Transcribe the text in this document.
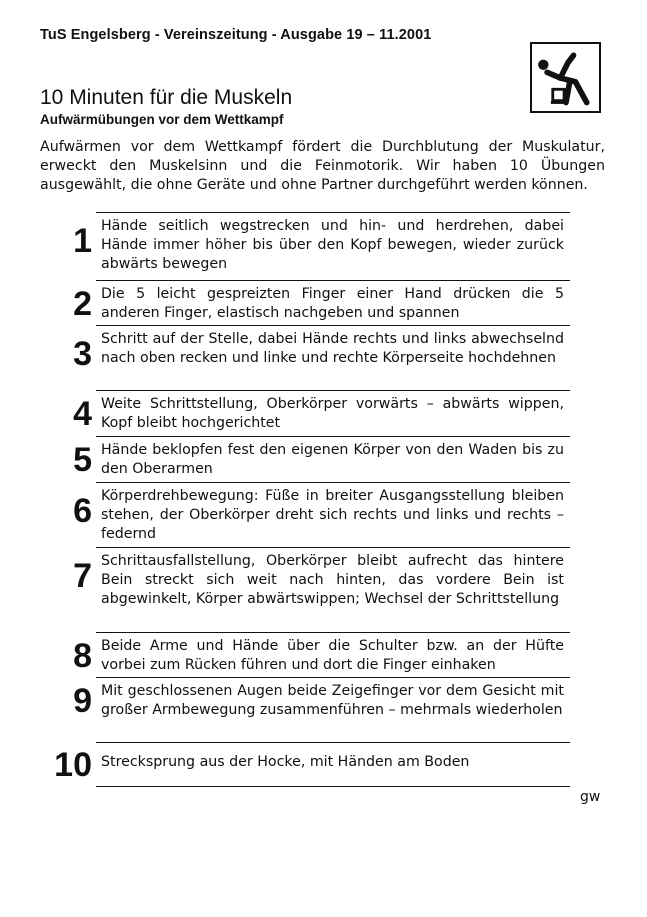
TuS Engelsberg - Vereinszeitung - Ausgabe 19 – 11.2001
10 Minuten für die Muskeln
Aufwärmübungen vor dem Wettkampf

Aufwärmen vor dem Wettkampf fördert die Durchblutung der Muskulatur, erweckt den Muskelsinn und die Feinmotorik. Wir haben 10 Übungen ausgewählt, die ohne Geräte und ohne Partner durchgeführt werden können.

1 Hände seitlich wegstrecken und hin- und herdrehen, dabei Hände immer höher bis über den Kopf bewegen, wieder zurück abwärts bewegen

2 Die 5 leicht gespreizten Finger einer Hand drücken die 5 anderen Finger, elastisch nachgeben und spannen

3 Schritt auf der Stelle, dabei Hände rechts und links abwechselnd nach oben recken und linke und rechte Körperseite hochdehnen

4 Weite Schrittstellung, Oberkörper vorwärts – abwärts wippen, Kopf bleibt hochgerichtet

5 Hände beklopfen fest den eigenen Körper von den Waden bis zu den Oberarmen

6 Körperdrehbewegung: Füße in breiter Ausgangsstellung bleiben stehen, der Oberkörper dreht sich rechts und links und rechts – federnd

7 Schrittausfallstellung, Oberkörper bleibt aufrecht das hintere Bein streckt sich weit nach hinten, das vordere Bein ist abgewinkelt, Körper abwärtswippen; Wechsel der Schrittstellung

8 Beide Arme und Hände über die Schulter bzw. an der Hüfte vorbei zum Rücken führen und dort die Finger einhaken

9 Mit geschlossenen Augen beide Zeigefinger vor dem Gesicht mit großer Armbewegung zusammenführen – mehrmals wiederholen

10 Strecksprung aus der Hocke, mit Händen am Boden

gw
